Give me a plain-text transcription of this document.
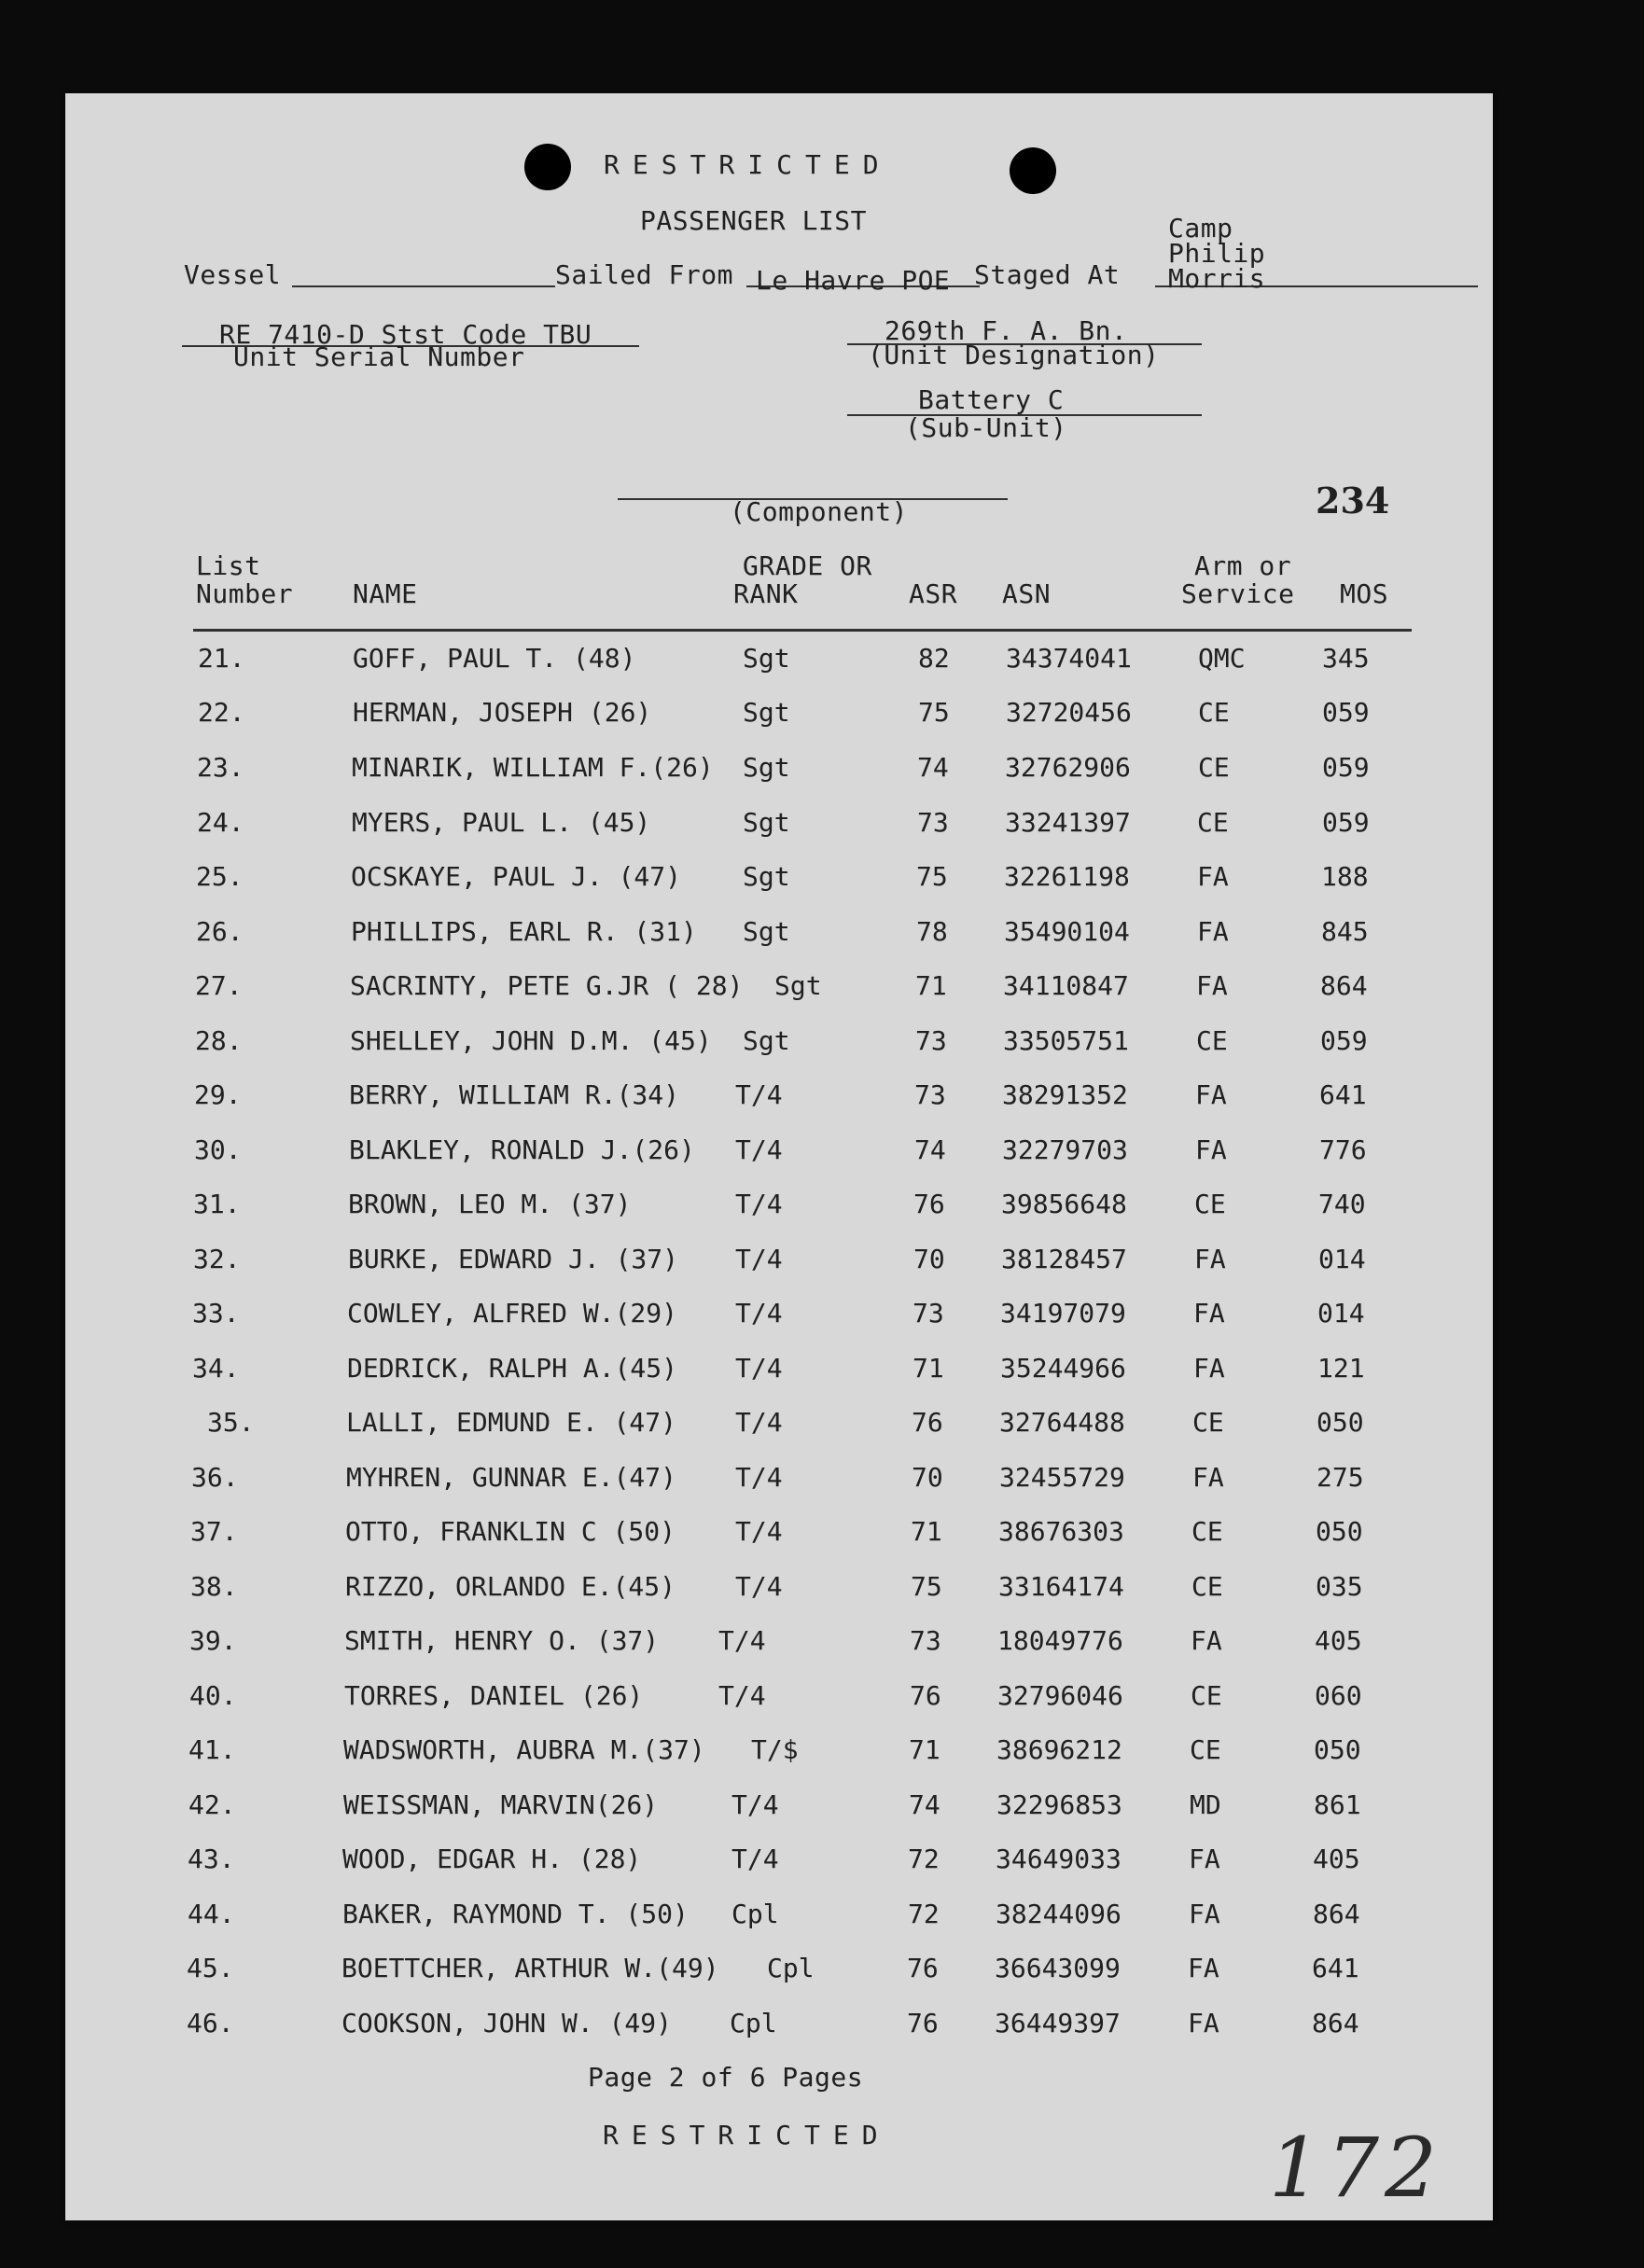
RESTRICTED
PASSENGER LIST
Vessel	Sailed From Le Havre POE Staged At
Camp
Philip
Morris
RE 7410-D Stst Code TBU
Unit Serial Number
269th F. A. Bn.
(Unit Designation)
Battery C
(Sub-Unit)
(Component)	234
List
Number NAME
GRADE OR
RANK	ASR ASN
Arm or
Service MOS
21.	GOFF, PAUL T. (48)	Sgt	82 34374041	QMC	345
22.	HERMAN, JOSEPH (26)	Sgt	75 32720456	CE	059
23.	MINARIK, WILLIAM F.(26) Sgt	74 32762906	CE	059
24.	MYERS, PAUL L. (45)	Sgt	73 33241397	CE	059
25.	OCSKAYE, PAUL J. (47) Sgt	75 32261198	FA	188
26.	PHILLIPS, EARL R. (31) Sgt	78 35490104	FA	845
27.	SACRINTY, PETE G.JR ( 28) Sgt	71 34110847	FA	864
28.	SHELLEY, JOHN D.M. (45) Sgt	73 33505751	CE	059
29.	BERRY, WILLIAM R.(34) T/4	73 38291352	FA	641
30.	BLAKLEY, RONALD J.(26) T/4	74 32279703	FA	776
31.	BROWN, LEO M. (37)	T/4	76 39856648	CE	740
32.	BURKE, EDWARD J. (37) T/4	70 38128457	FA	014
33.	COWLEY, ALFRED W.(29) T/4	73 34197079	FA	014
34.	DEDRICK, RALPH A.(45) T/4	71 35244966	FA	121
35.	LALLI, EDMUND E. (47) T/4	76 32764488	CE	050
36.	MYHREN, GUNNAR E.(47) T/4	70 32455729	FA	275
37.	OTTO, FRANKLIN C (50) T/4	71 38676303	CE	050
38.	RIZZO, ORLANDO E.(45) T/4	75 33164174	CE	035
39.	SMITH, HENRY O. (37) T/4	73 18049776	FA	405
40.	TORRES, DANIEL (26)	T/4	76 32796046	CE	060
41.	WADSWORTH, AUBRA M.(37) T/$	71 38696212	CE	050
42.	WEISSMAN, MARVIN(26)	T/4	74 32296853	MD	861
43.	WOOD, EDGAR H. (28)	T/4	72 34649033	FA	405
44.	BAKER, RAYMOND T. (50) Cpl	72 38244096	FA	864
45.	BOETTCHER, ARTHUR W.(49) Cpl	76 36643099	FA	641
46.	COOKSON, JOHN W. (49) Cpl	76 36449397	FA	864
Page 2 of 6 Pages
RESTRICTED	172
